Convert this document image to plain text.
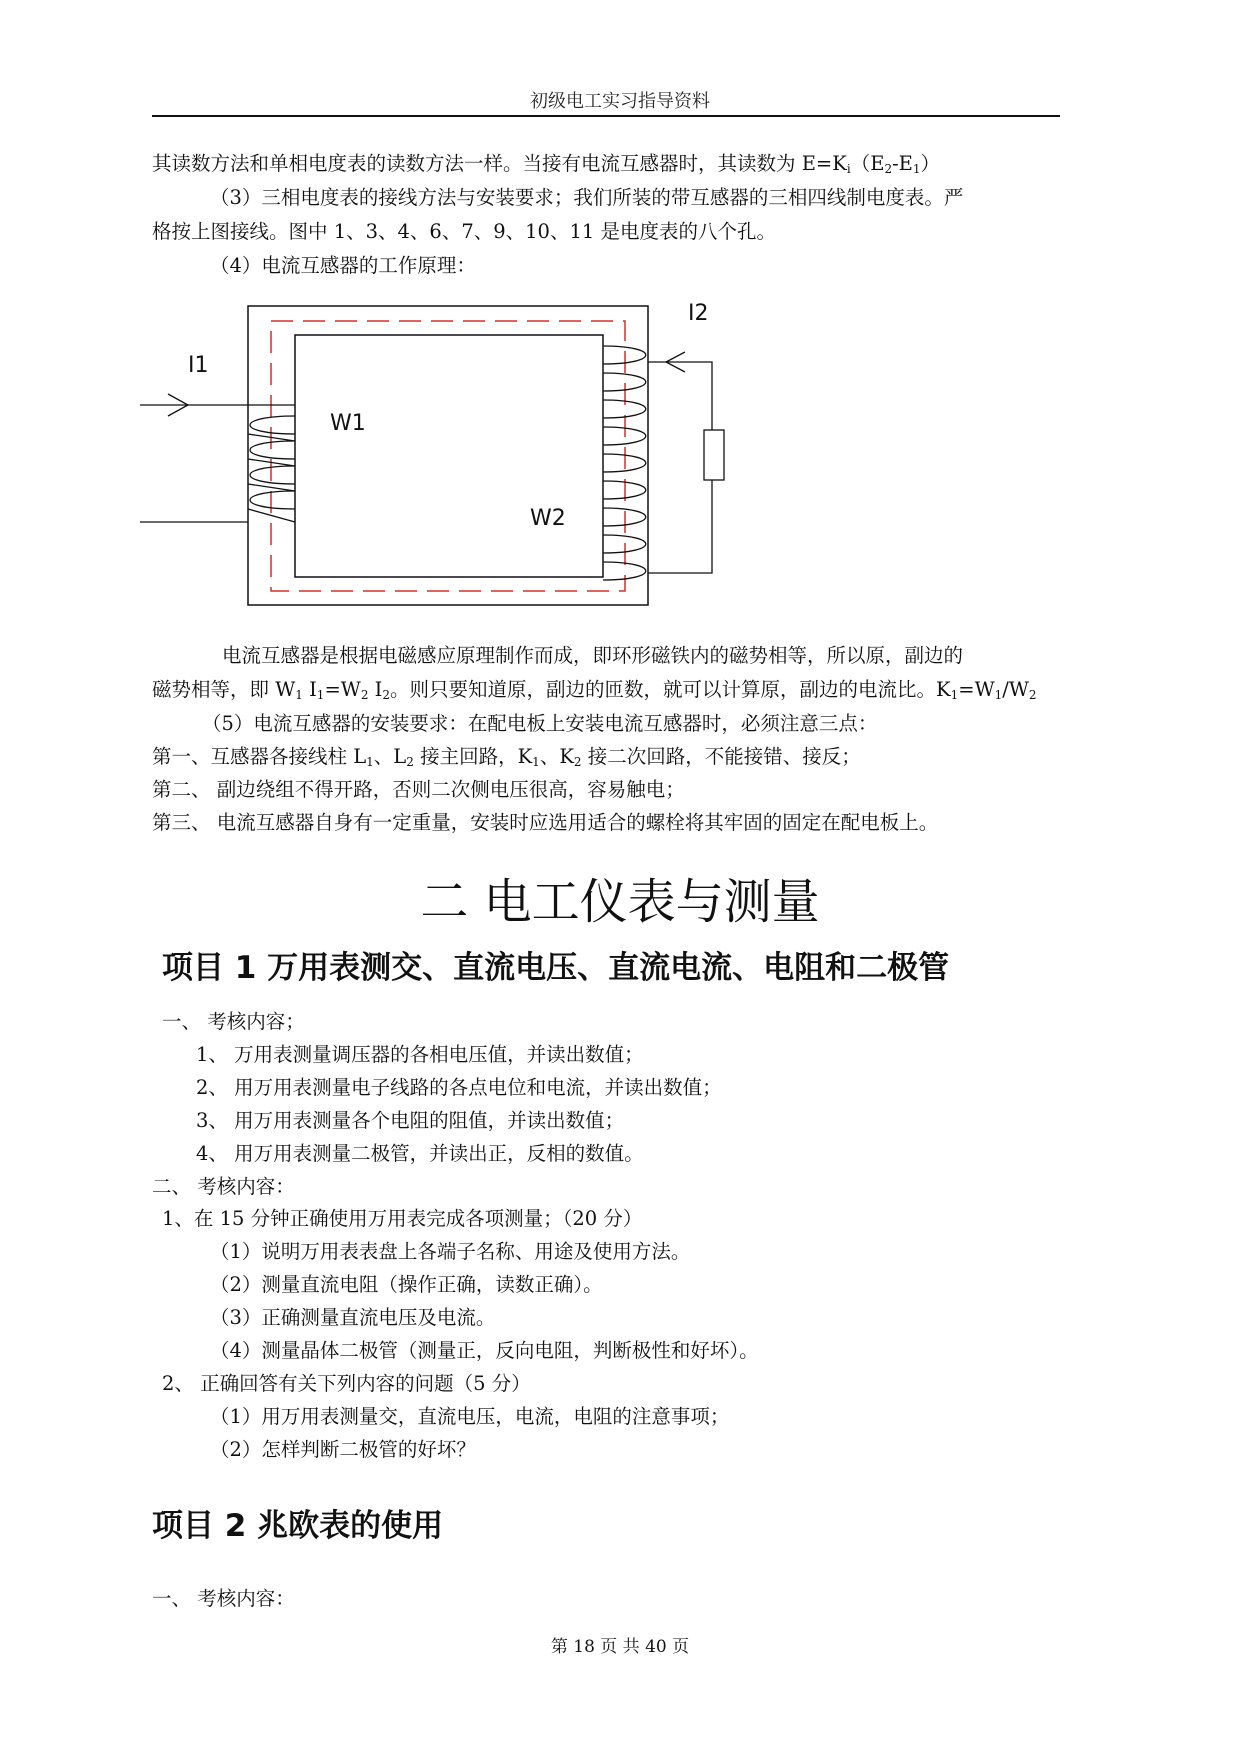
初级电工实习指导资料
其读数方法和单相电度表的读数方法一样。当接有电流互感器时，其读数为 $E=K_i(E_2-E_1)$
（3）三相电度表的接线方法与安装要求；我们所装的带互感器的三相四线制电度表。严
格按上图接线。图中 1、3、4、6、7、9、10、11 是电度表的八个孔。
（4）电流互感器的工作原理：
I1
I2
W1
W2
电流互感器是根据电磁感应原理制作而成，即环形磁铁内的磁势相等，所以原，副边的
磁势相等，即 $W_1$ $I_1=W_2$ $I_2$。则只要知道原，副边的匝数，就可以计算原，副边的电流比。$K_1=W_1/W_2$
（5）电流互感器的安装要求：在配电板上安装电流互感器时，必须注意三点：
第一、互感器各接线柱 $L_1$、$L_2$ 接主回路，$K_1$、$K_2$ 接二次回路，不能接错、接反；
第二、 副边绕组不得开路，否则二次侧电压很高，容易触电；
第三、 电流互感器自身有一定重量，安装时应选用适合的螺栓将其牢固的固定在配电板上。
二 电工仪表与测量
项目 1 万用表测交、直流电压、直流电流、电阻和二极管
一、 考核内容；
1、 万用表测量调压器的各相电压值，并读出数值；
2、 用万用表测量电子线路的各点电位和电流，并读出数值；
3、 用万用表测量各个电阻的阻值，并读出数值；
4、 用万用表测量二极管，并读出正，反相的数值。
二、 考核内容：
1、在 15 分钟正确使用万用表完成各项测量；（20 分）
（1）说明万用表表盘上各端子名称、用途及使用方法。
（2）测量直流电阻（操作正确，读数正确）。
（3）正确测量直流电压及电流。
（4）测量晶体二极管（测量正，反向电阻，判断极性和好坏）。
2、 正确回答有关下列内容的问题（5 分）
（1）用万用表测量交，直流电压，电流，电阻的注意事项；
（2）怎样判断二极管的好坏？
项目 2 兆欧表的使用
一、 考核内容：
第 18 页 共 40 页
